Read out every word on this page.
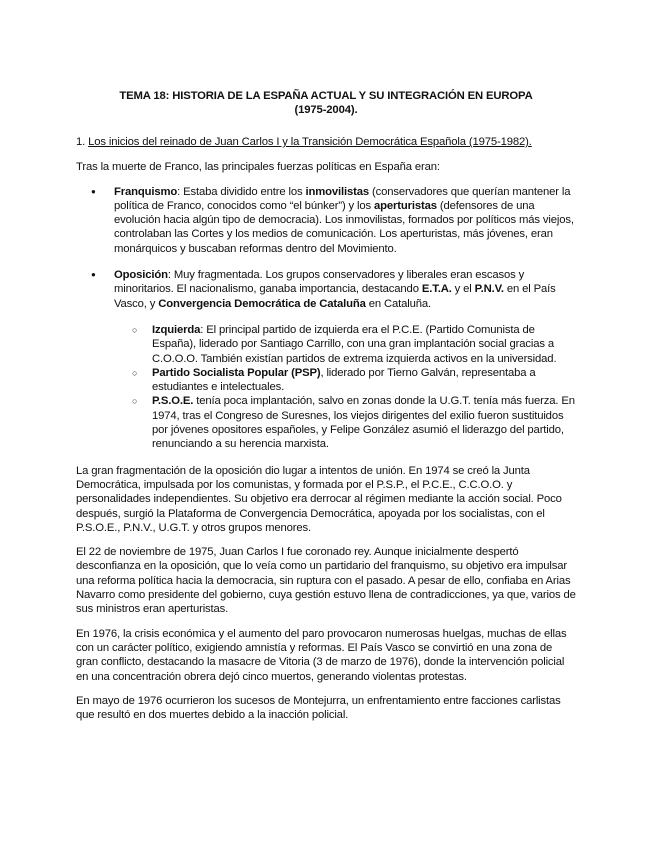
TEMA 18: HISTORIA DE LA ESPAÑA ACTUAL Y SU INTEGRACIÓN EN EUROPA
(1975-2004).
1. Los inicios del reinado de Juan Carlos I y la Transición Democrática Española (1975-1982).

Tras la muerte de Franco, las principales fuerzas políticas en España eran:

● Franquismo: Estaba dividido entre los inmovilistas (conservadores que querían mantener la política de Franco, conocidos como “el búnker”) y los aperturistas (defensores de una evolución hacia algún tipo de democracia). Los inmovilistas, formados por políticos más viejos, controlaban las Cortes y los medios de comunicación. Los aperturistas, más jóvenes, eran monárquicos y buscaban reformas dentro del Movimiento.
● Oposición: Muy fragmentada. Los grupos conservadores y liberales eran escasos y minoritarios. El nacionalismo, ganaba importancia, destacando E.T.A. y el P.N.V. en el País Vasco, y Convergencia Democrática de Cataluña en Cataluña.
○ Izquierda: El principal partido de izquierda era el P.C.E. (Partido Comunista de España), liderado por Santiago Carrillo, con una gran implantación social gracias a C.O.O.O. También existían partidos de extrema izquierda activos en la universidad.
○ Partido Socialista Popular (PSP), liderado por Tierno Galván, representaba a estudiantes e intelectuales.
○ P.S.O.E. tenía poca implantación, salvo en zonas donde la U.G.T. tenía más fuerza. En 1974, tras el Congreso de Suresnes, los viejos dirigentes del exilio fueron sustituidos por jóvenes opositores españoles, y Felipe González asumió el liderazgo del partido, renunciando a su herencia marxista.

La gran fragmentación de la oposición dio lugar a intentos de unión. En 1974 se creó la Junta Democrática, impulsada por los comunistas, y formada por el P.S.P., el P.C.E., C.C.O.O. y personalidades independientes. Su objetivo era derrocar al régimen mediante la acción social. Poco después, surgió la Plataforma de Convergencia Democrática, apoyada por los socialistas, con el P.S.O.E., P.N.V., U.G.T. y otros grupos menores.

El 22 de noviembre de 1975, Juan Carlos I fue coronado rey. Aunque inicialmente despertó desconfianza en la oposición, que lo veía como un partidario del franquismo, su objetivo era impulsar una reforma política hacia la democracia, sin ruptura con el pasado. A pesar de ello, confiaba en Arias Navarro como presidente del gobierno, cuya gestión estuvo llena de contradicciones, ya que, varios de sus ministros eran aperturistas.

En 1976, la crisis económica y el aumento del paro provocaron numerosas huelgas, muchas de ellas con un carácter político, exigiendo amnistía y reformas. El País Vasco se convirtió en una zona de gran conflicto, destacando la masacre de Vitoria (3 de marzo de 1976), donde la intervención policial en una concentración obrera dejó cinco muertos, generando violentas protestas.

En mayo de 1976 ocurrieron los sucesos de Montejurra, un enfrentamiento entre facciones carlistas que resultó en dos muertes debido a la inacción policial.
